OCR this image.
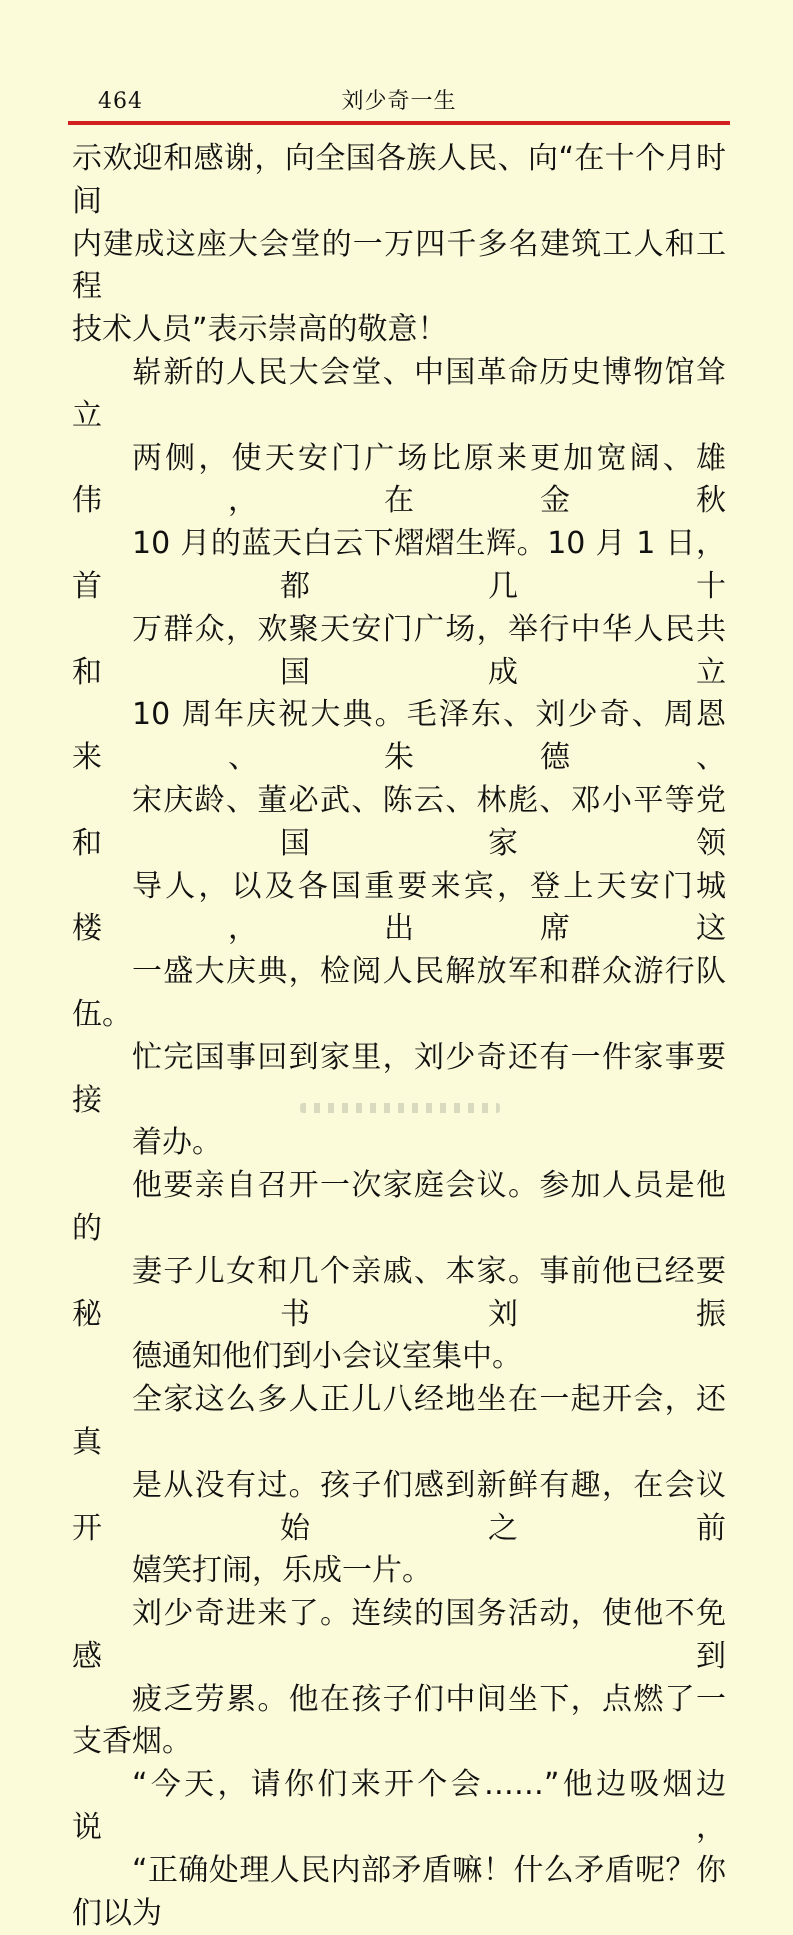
464	刘少奇一生

示欢迎和感谢，向全国各族人民、向“在十个月时间
内建成这座大会堂的一万四千多名建筑工人和工程
技术人员”表示崇高的敬意！

崭新的人民大会堂、中国革命历史博物馆耸立
两侧，使天安门广场比原来更加宽阔、雄伟，在金秋
10 月的蓝天白云下熠熠生辉。10 月 1 日，首都几十
万群众，欢聚天安门广场，举行中华人民共和国成立
10 周年庆祝大典。毛泽东、刘少奇、周恩来、朱德、
宋庆龄、董必武、陈云、林彪、邓小平等党和国家领
导人，以及各国重要来宾，登上天安门城楼，出席这
一盛大庆典，检阅人民解放军和群众游行队伍。

忙完国事回到家里，刘少奇还有一件家事要接
着办。

他要亲自召开一次家庭会议。参加人员是他的
妻子儿女和几个亲戚、本家。事前他已经要秘书刘振
德通知他们到小会议室集中。

全家这么多人正儿八经地坐在一起开会，还真
是从没有过。孩子们感到新鲜有趣，在会议开始之前
嬉笑打闹，乐成一片。

刘少奇进来了。连续的国务活动，使他不免感到
疲乏劳累。他在孩子们中间坐下，点燃了一支香烟。

“今天，请你们来开个会……”他边吸烟边说，
“正确处理人民内部矛盾嘛！什么矛盾呢？你们以为
